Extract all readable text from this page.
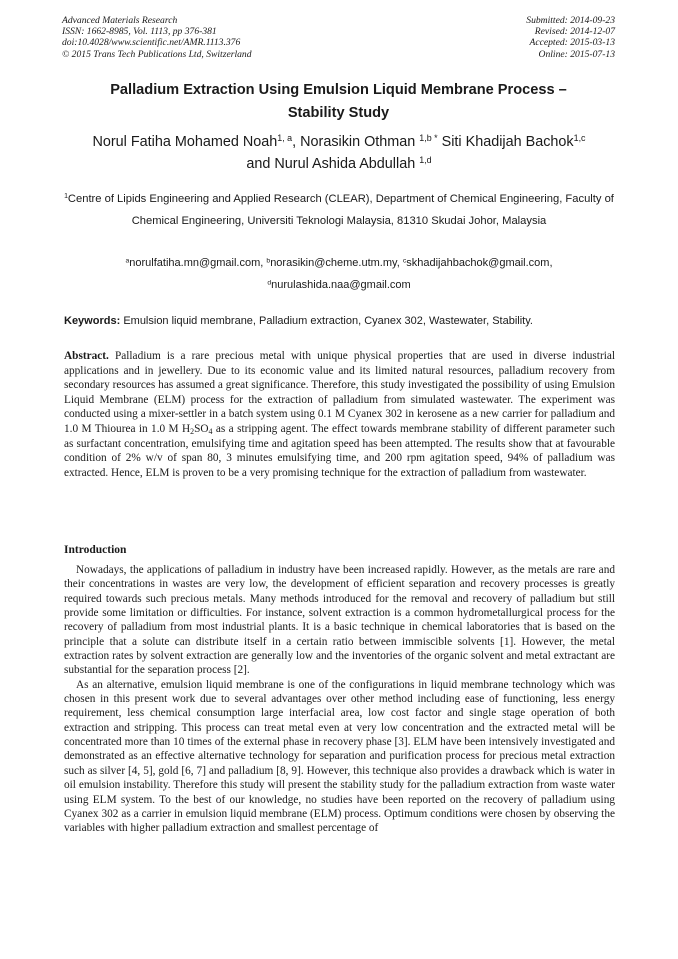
Advanced Materials Research
ISSN: 1662-8985, Vol. 1113, pp 376-381
doi:10.4028/www.scientific.net/AMR.1113.376
© 2015 Trans Tech Publications Ltd, Switzerland
Submitted: 2014-09-23
Revised: 2014-12-07
Accepted: 2015-03-13
Online: 2015-07-13
Palladium Extraction Using Emulsion Liquid Membrane Process –
Stability Study
Norul Fatiha Mohamed Noah$^{1, a}$, Norasikin Othman $^{1,b *}$ Siti Khadijah Bachok$^{1,c}$
and Nurul Ashida Abdullah $^{1,d}$
$^1$Centre of Lipids Engineering and Applied Research (CLEAR), Department of Chemical Engineering, Faculty of Chemical Engineering, Universiti Teknologi Malaysia, 81310 Skudai Johor, Malaysia
$^a$norulfatiha.mn@gmail.com, $^b$norasikin@cheme.utm.my, $^c$skhadijahbachok@gmail.com,
$^d$nurulashida.naa@gmail.com
Keywords: Emulsion liquid membrane, Palladium extraction, Cyanex 302, Wastewater, Stability.
Abstract. Palladium is a rare precious metal with unique physical properties that are used in diverse industrial applications and in jewellery. Due to its economic value and its limited natural resources, palladium recovery from secondary resources has assumed a great significance. Therefore, this study investigated the possibility of using Emulsion Liquid Membrane (ELM) process for the extraction of palladium from simulated wastewater. The experiment was conducted using a mixer-settler in a batch system using 0.1 M Cyanex 302 in kerosene as a new carrier for palladium and 1.0 M Thiourea in 1.0 M $H_2SO_4$ as a stripping agent. The effect towards membrane stability of different parameter such as surfactant concentration, emulsifying time and agitation speed has been attempted. The results show that at favourable condition of 2% w/v of span 80, 3 minutes emulsifying time, and 200 rpm agitation speed, 94% of palladium was extracted. Hence, ELM is proven to be a very promising technique for the extraction of palladium from wastewater.
Introduction

Nowadays, the applications of palladium in industry have been increased rapidly. However, as the metals are rare and their concentrations in wastes are very low, the development of efficient separation and recovery processes is greatly required towards such precious metals. Many methods introduced for the removal and recovery of palladium but still provide some limitation or difficulties. For instance, solvent extraction is a common hydrometallurgical process for the recovery of palladium from most industrial plants. It is a basic technique in chemical laboratories that is based on the principle that a solute can distribute itself in a certain ratio between immiscible solvents [1]. However, the metal extraction rates by solvent extraction are generally low and the inventories of the organic solvent and metal extractant are substantial for the separation process [2].

As an alternative, emulsion liquid membrane is one of the configurations in liquid membrane technology which was chosen in this present work due to several advantages over other method including ease of functioning, less energy requirement, less chemical consumption large interfacial area, low cost factor and single stage operation of both extraction and stripping. This process can treat metal even at very low concentration and the extracted metal will be concentrated more than 10 times of the external phase in recovery phase [3]. ELM have been intensively investigated and demonstrated as an effective alternative technology for separation and purification process for precious metal extraction such as silver [4, 5], gold [6, 7] and palladium [8, 9]. However, this technique also provides a drawback which is water in oil emulsion instability. Therefore this study will present the stability study for the palladium extraction from waste water using ELM system. To the best of our knowledge, no studies have been reported on the recovery of palladium using Cyanex 302 as a carrier in emulsion liquid membrane (ELM) process. Optimum conditions were chosen by observing the variables with higher palladium extraction and smallest percentage of
